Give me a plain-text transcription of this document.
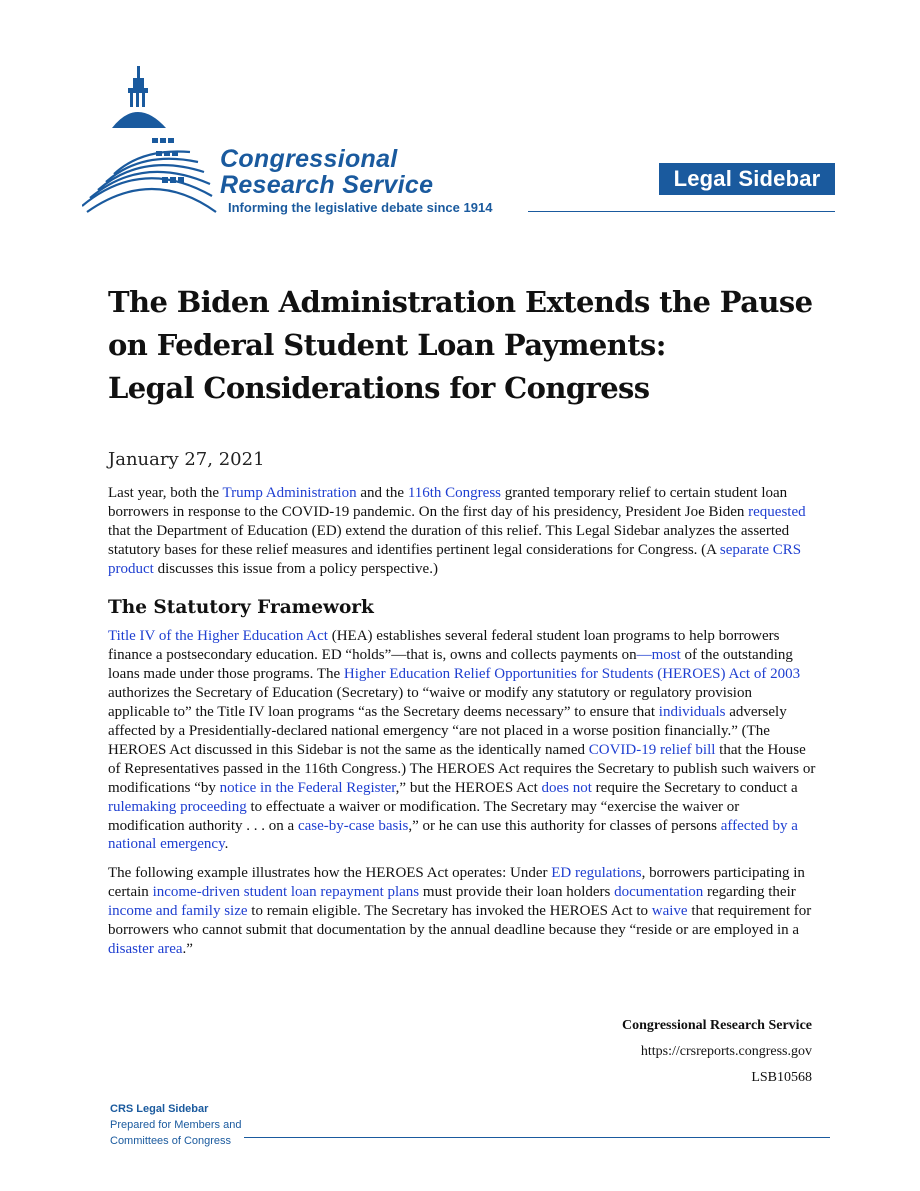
Congressional
Research Service
Informing the legislative debate since 1914
Legal Sidebar
The Biden Administration Extends the Pause
on Federal Student Loan Payments:
Legal Considerations for Congress
January 27, 2021

Last year, both the Trump Administration and the 116th Congress granted temporary relief to certain student loan borrowers in response to the COVID-19 pandemic. On the first day of his presidency, President Joe Biden requested that the Department of Education (ED) extend the duration of this relief. This Legal Sidebar analyzes the asserted statutory bases for these relief measures and identifies pertinent legal considerations for Congress. (A separate CRS product discusses this issue from a policy perspective.)

The Statutory Framework

Title IV of the Higher Education Act (HEA) establishes several federal student loan programs to help borrowers finance a postsecondary education. ED “holds”—that is, owns and collects payments on—most of the outstanding loans made under those programs. The Higher Education Relief Opportunities for Students (HEROES) Act of 2003 authorizes the Secretary of Education (Secretary) to “waive or modify any statutory or regulatory provision applicable to” the Title IV loan programs “as the Secretary deems necessary” to ensure that individuals adversely affected by a Presidentially-declared national emergency “are not placed in a worse position financially.” (The HEROES Act discussed in this Sidebar is not the same as the identically named COVID-19 relief bill that the House of Representatives passed in the 116th Congress.) The HEROES Act requires the Secretary to publish such waivers or modifications “by notice in the Federal Register,” but the HEROES Act does not require the Secretary to conduct a rulemaking proceeding to effectuate a waiver or modification. The Secretary may “exercise the waiver or modification authority . . . on a case-by-case basis,” or he can use this authority for classes of persons affected by a national emergency.

The following example illustrates how the HEROES Act operates: Under ED regulations, borrowers participating in certain income-driven student loan repayment plans must provide their loan holders documentation regarding their income and family size to remain eligible. The Secretary has invoked the HEROES Act to waive that requirement for borrowers who cannot submit that documentation by the annual deadline because they “reside or are employed in a disaster area.”

Congressional Research Service
https://crsreports.congress.gov
LSB10568
CRS Legal Sidebar
Prepared for Members and
Committees of Congress
